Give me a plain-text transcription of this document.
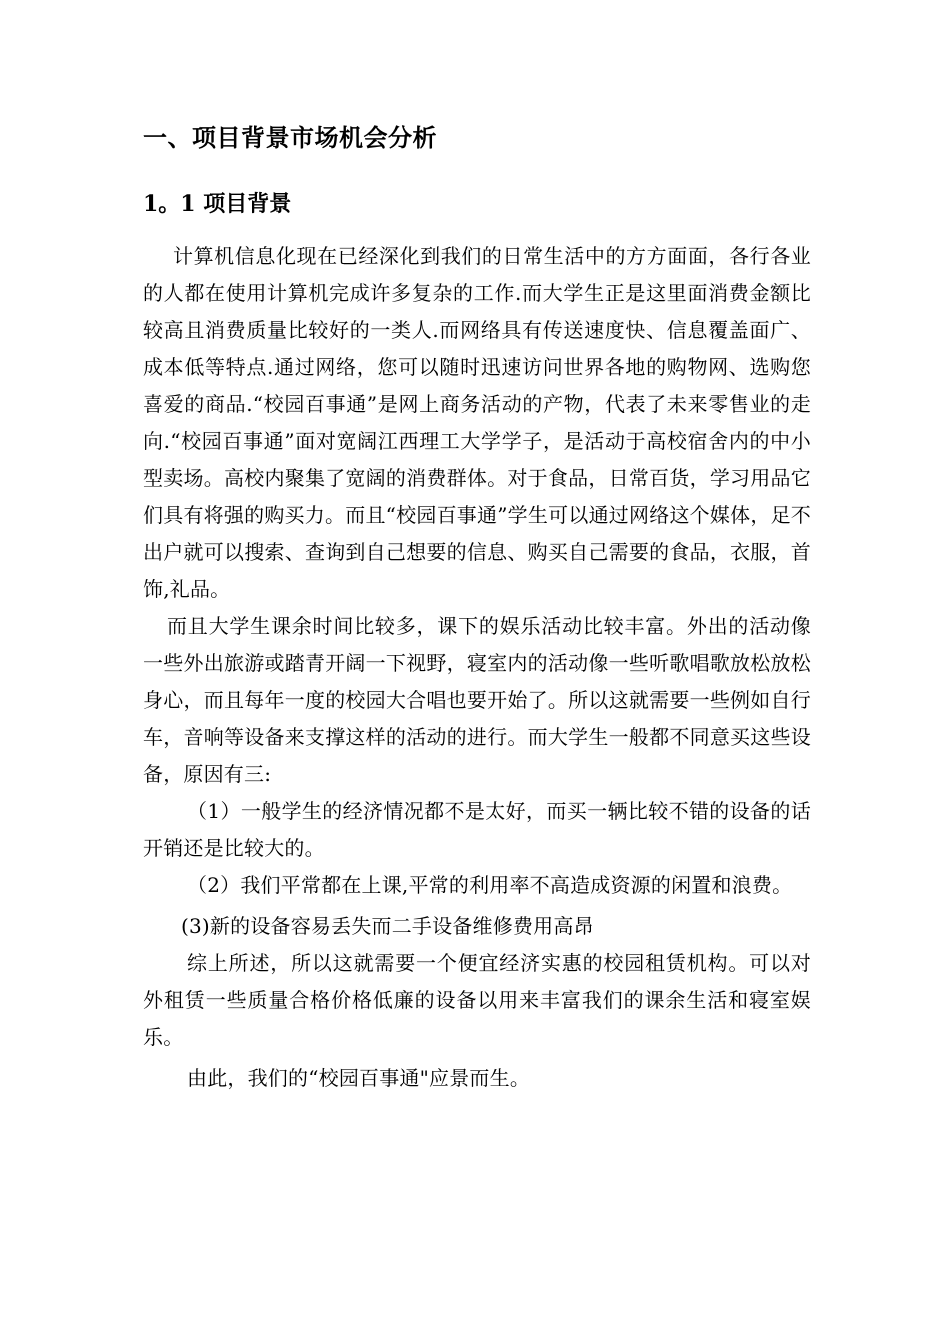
一、项目背景市场机会分析
1。1 项目背景

计算机信息化现在已经深化到我们的日常生活中的方方面面，各行各业的人都在使用计算机完成许多复杂的工作.而大学生正是这里面消费金额比较高且消费质量比较好的一类人.而网络具有传送速度快、信息覆盖面广、成本低等特点.通过网络，您可以随时迅速访问世界各地的购物网、选购您喜爱的商品.“校园百事通”是网上商务活动的产物，代表了未来零售业的走向.“校园百事通”面对宽阔江西理工大学学子，是活动于高校宿舍内的中小型卖场。高校内聚集了宽阔的消费群体。对于食品，日常百货，学习用品它们具有将强的购买力。而且“校园百事通”学生可以通过网络这个媒体，足不出户就可以搜索、查询到自己想要的信息、购买自己需要的食品，衣服，首饰,礼品。

而且大学生课余时间比较多，课下的娱乐活动比较丰富。外出的活动像一些外出旅游或踏青开阔一下视野，寝室内的活动像一些听歌唱歌放松放松身心，而且每年一度的校园大合唱也要开始了。所以这就需要一些例如自行车，音响等设备来支撑这样的活动的进行。而大学生一般都不同意买这些设备，原因有三:

（1）一般学生的经济情况都不是太好，而买一辆比较不错的设备的话开销还是比较大的。

（2）我们平常都在上课,平常的利用率不高造成资源的闲置和浪费。

(3)新的设备容易丢失而二手设备维修费用高昂

综上所述，所以这就需要一个便宜经济实惠的校园租赁机构。可以对外租赁一些质量合格价格低廉的设备以用来丰富我们的课余生活和寝室娱乐。

由此，我们的“校园百事通"应景而生。
